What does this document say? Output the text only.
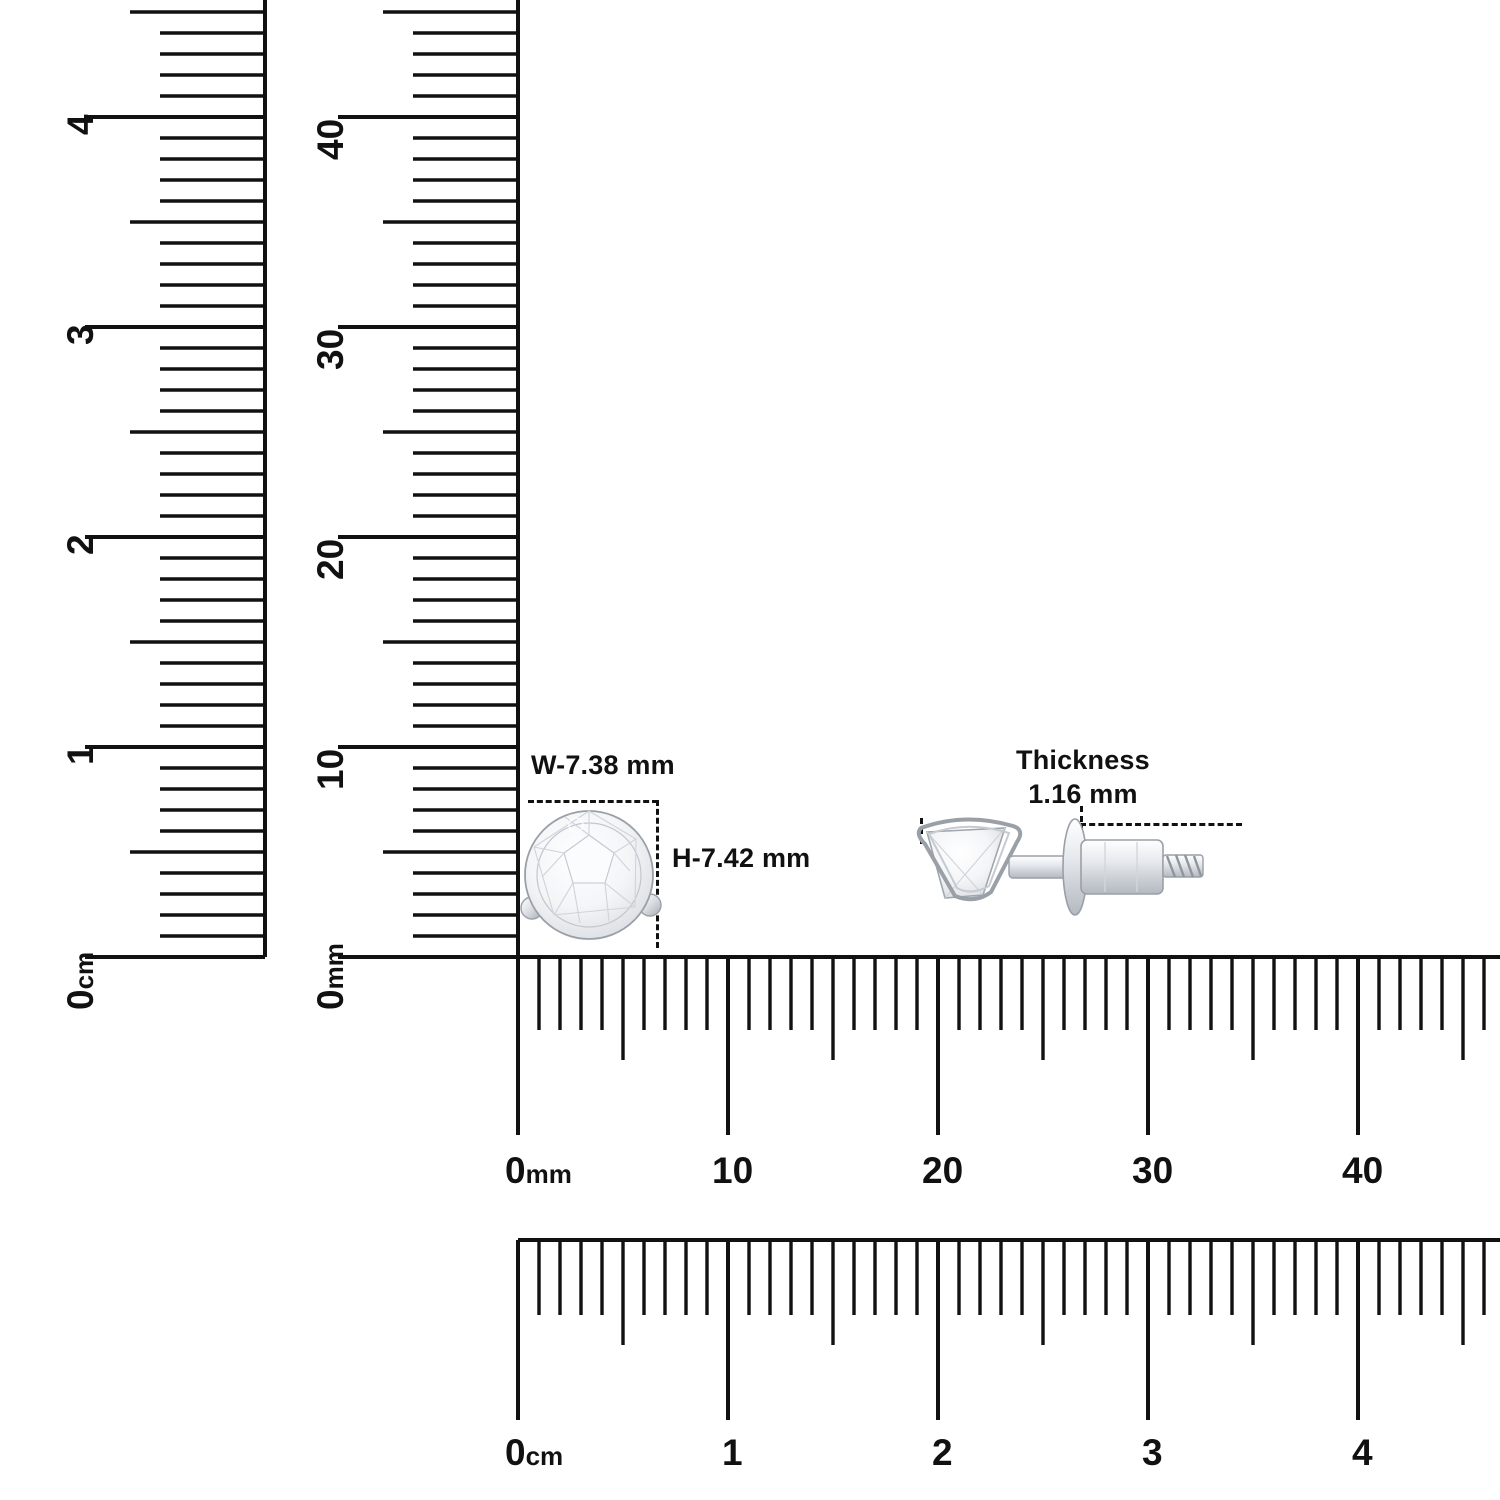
0cm
1
2
3
4
0mm
10
20
30
40
0mm	10	20	30	40
0cm	1	2	3	4
W-7.38 mm
H-7.42 mm
Thickness
1.16 mm
